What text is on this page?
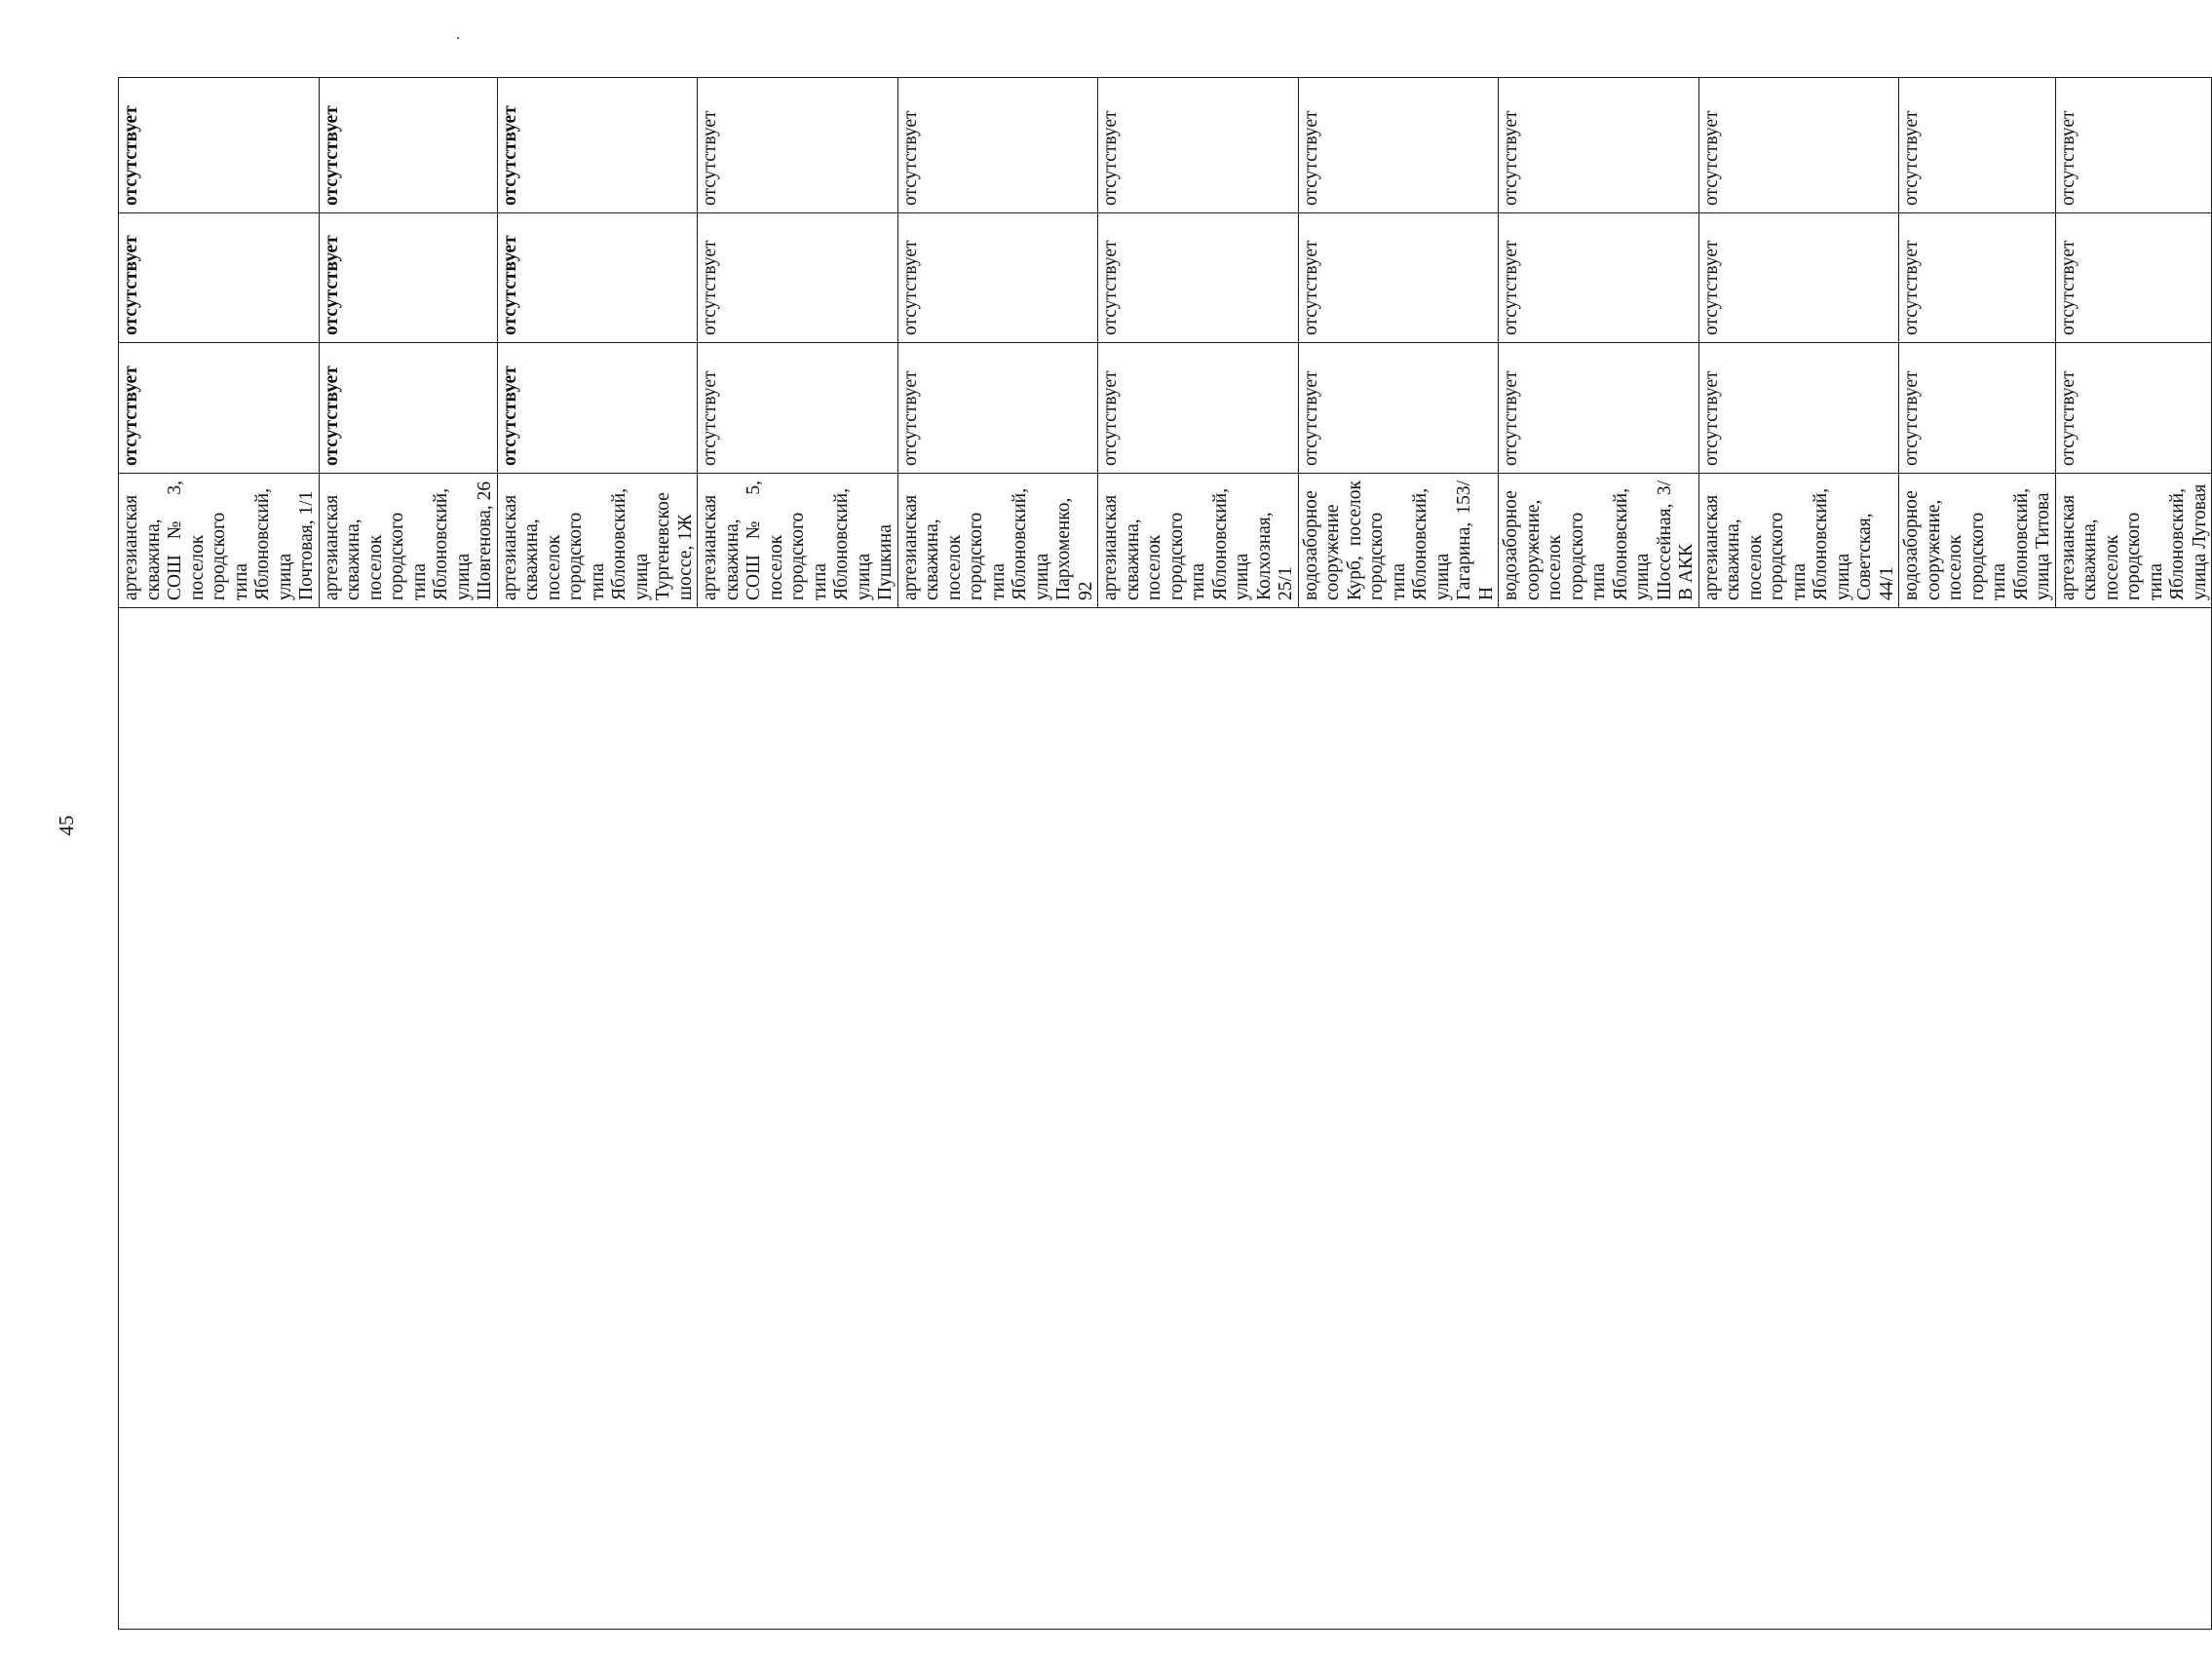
45
	артезианская скважина, СОШ № 3, поселок городского типа Яблоновский, улица Почтовая, 1/1	отсутствует	отсутствует	отсутствует
	артезианская скважина, поселок городского типа Яблоновский, улица Шовгенова, 26	отсутствует	отсутствует	отсутствует
	артезианская скважина, поселок городского типа Яблоновский, улица Тургеневское шоссе, 1Ж	отсутствует	отсутствует	отсутствует
	артезианская скважина, СОШ № 5, поселок городского типа Яблоновский, улица Пушкина	отсутствует	отсутствует	отсутствует
	артезианская скважина, поселок городского типа Яблоновский, улица Пархоменко, 92	отсутствует	отсутствует	отсутствует
	артезианская скважина, поселок городского типа Яблоновский, улица Колхозная, 25/1	отсутствует	отсутствует	отсутствует
	водозаборное сооружение Курб, поселок городского типа Яблоновский, улица Гагарина, 153/Н	отсутствует	отсутствует	отсутствует
	водозаборное сооружение, поселок городского типа Яблоновский, улица Шоссейная, 3/В АКК	отсутствует	отсутствует	отсутствует
	артезианская скважина, поселок городского типа Яблоновский, улица Советская, 44/1	отсутствует	отсутствует	отсутствует
	водозаборное сооружение, поселок городского типа Яблоновский, улица Титова	отсутствует	отсутствует	отсутствует
	артезианская скважина, поселок городского типа Яблоновский, улица Луговая	отсутствует	отсутствует	отсутствует
